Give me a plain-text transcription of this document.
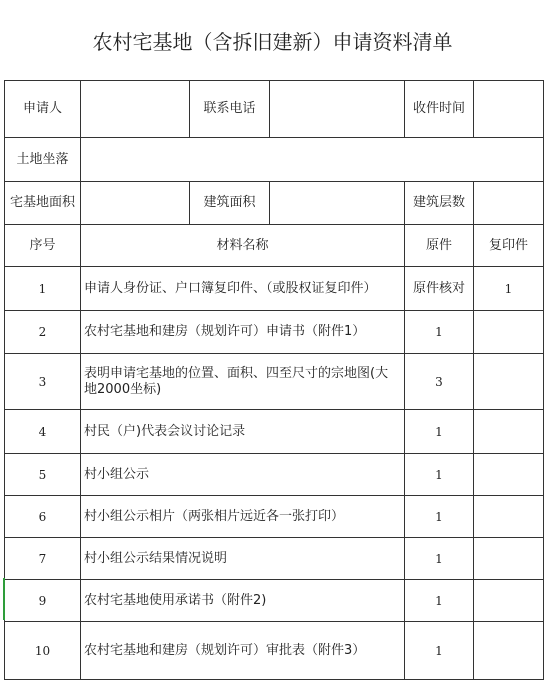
农村宅基地（含拆旧建新）申请资料清单
申请人		联系电话		收件时间	
土地坐落					
宅基地面积		建筑面积		建筑层数	
序号	材料名称			原件	复印件
1	申请人身份证、户口簿复印件、（或股权证复印件）			原件核对	1
2	农村宅基地和建房（规划许可）申请书（附件1）			1	
3	表明申请宅基地的位置、面积、四至尺寸的宗地图(大地2000坐标)			3	
4	村民（户)代表会议讨论记录			1	
5	村小组公示			1	
6	村小组公示相片（两张相片远近各一张打印）			1	
7	村小组公示结果情况说明			1	
9	农村宅基地使用承诺书（附件2)			1	
10	农村宅基地和建房（规划许可）审批表（附件3）			1	
